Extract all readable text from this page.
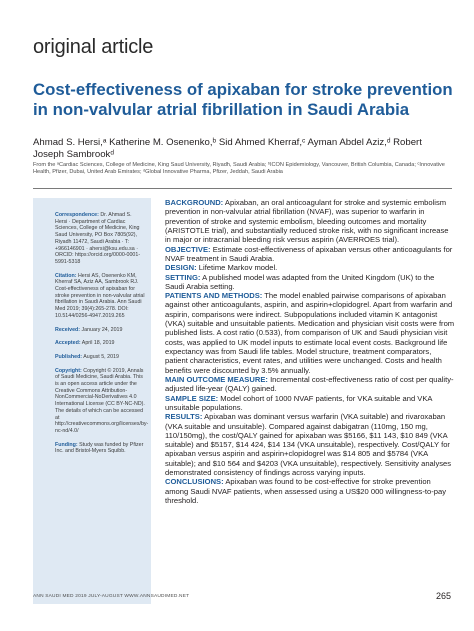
original article
Cost-effectiveness of apixaban for stroke prevention in non-valvular atrial fibrillation in Saudi Arabia
Ahmad S. Hersi,ᵃ Katherine M. Osenenko,ᵇ Sid Ahmed Kherraf,ᶜ Ayman Abdel Aziz,ᵈ Robert Joseph Sambrookᵈ
From the ᵃCardiac Sciences, College of Medicine, King Saud University, Riyadh, Saudi Arabia; ᵇICON Epidemiology, Vancouver, British Columbia, Canada; ᶜInnovative Health, Pfizer, Dubai, United Arab Emirates; ᵈGlobal Innovative Pharma, Pfizer, Jeddah, Saudi Arabia
Correspondence: Dr. Ahmad S. Hersi · Department of Cardiac Sciences, College of Medicine, King Saud University, PO Box 7805(92), Riyadh 11472, Saudi Arabia · T: +966146901 · ahersi@ksu.edu.sa · ORCID: https://orcid.org/0000-0001-5991-5318
Citation: Hersi AS, Osenenko KM, Kherraf SA, Aziz AA, Sambrook RJ. Cost-effectiveness of apixaban for stroke prevention in non-valvular atrial fibrillation in Saudi Arabia. Ann Saudi Med 2019; 39(4):265-278. DOI: 10.5144/0256-4947.2019.265
Received: January 24, 2019
Accepted: April 18, 2019
Published: August 5, 2019
Copyright: Copyright © 2019, Annals of Saudi Medicine, Saudi Arabia. This is an open access article under the Creative Commons Attribution-NonCommercial-NoDerivatives 4.0 International License (CC BY-NC-ND). The details of which can be accessed at http://creativecommons.org/licenses/by-nc-nd/4.0/
Funding: Study was funded by Pfizer Inc. and Bristol-Myers Squibb.

BACKGROUND: Apixaban, an oral anticoagulant for stroke and systemic embolism prevention in non-valvular atrial fibrillation (NVAF), was superior to warfarin in prevention of stroke and systemic embolism, bleeding outcomes and mortality (ARISTOTLE trial), and substantially reduced stroke risk, with no significant increase in major or intracranial bleeding risk versus aspirin (AVERROES trial).

OBJECTIVE: Estimate cost-effectiveness of apixaban versus other anticoagulants for NVAF treatment in Saudi Arabia.

DESIGN: Lifetime Markov model.

SETTING: A published model was adapted from the United Kingdom (UK) to the Saudi Arabia setting.

PATIENTS AND METHODS: The model enabled pairwise comparisons of apixaban against other anticoagulants, aspirin, and aspirin+clopidogrel. Apart from warfarin and aspirin, comparisons were indirect. Subpopulations included vitamin K antagonist (VKA) suitable and unsuitable patients. Medication and physician visit costs were from published lists. A cost ratio (0.533), from comparison of UK and Saudi physician visit costs, was applied to UK model inputs to estimate local event costs. Background life expectancy was from Saudi life tables. Model structure, treatment comparators, patient characteristics, event rates, and utilities were unchanged. Costs and health benefits were discounted by 3.5% annually.

MAIN OUTCOME MEASURE: Incremental cost-effectiveness ratio of cost per quality-adjusted life-year (QALY) gained.

SAMPLE SIZE: Model cohort of 1000 NVAF patients, for VKA suitable and VKA unsuitable populations.

RESULTS: Apixaban was dominant versus warfarin (VKA suitable) and rivaroxaban (VKA suitable and unsuitable). Compared against dabigatran (110mg, 150 mg, 110/150mg), the cost/QALY gained for apixaban was $5166, $11 143, $10 849 (VKA suitable) and $5157, $14 424, $14 134 (VKA unsuitable), respectively. Cost/QALY for apixaban versus aspirin and aspirin+clopidogrel was $14 805 and $5784 (VKA suitable); and $10 564 and $4203 (VKA unsuitable), respectively. Sensitivity analyses demonstrated consistency of findings across varying inputs.

CONCLUSIONS: Apixaban was found to be cost-effective for stroke prevention among Saudi NVAF patients, when assessed using a US$20 000 willingness-to-pay threshold.

ANN SAUDI MED 2019 JULY-AUGUST WWW.ANNSAUDIMED.NET	265
